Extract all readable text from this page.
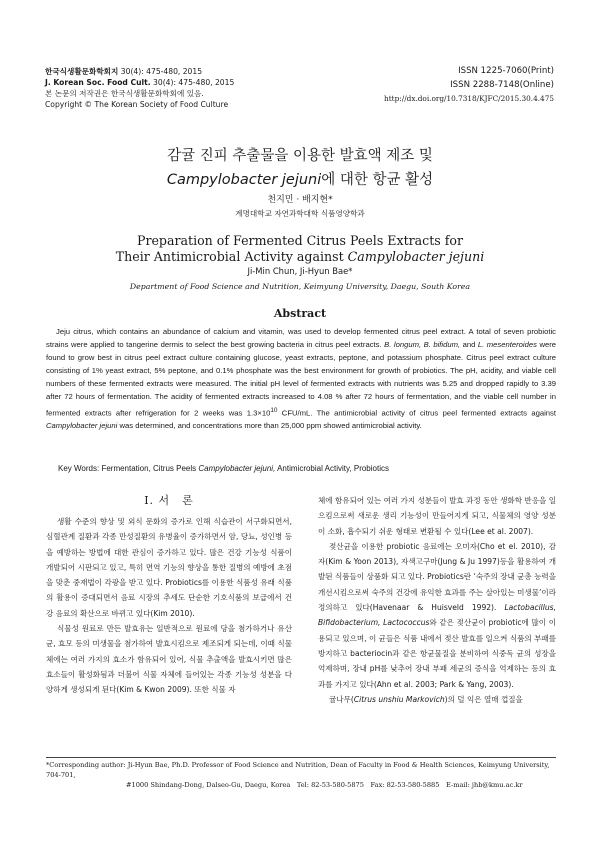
한국식생활문화학회지 30(4): 475-480, 2015
J. Korean Soc. Food Cult. 30(4): 475-480, 2015
본 논문의 저작권은 한국식생활문화학회에 있음.
Copyright © The Korean Society of Food Culture
ISSN 1225-7060(Print)
ISSN 2288-7148(Online)
http://dx.doi.org/10.7318/KJFC/2015.30.4.475
감귤 진피 추출물을 이용한 발효액 제조 및
Campylobacter jejuni에 대한 항균 활성
천지민 · 배지현*
계명대학교 자연과학대학 식품영양학과
Preparation of Fermented Citrus Peels Extracts for
Their Antimicrobial Activity against Campylobacter jejuni
Ji-Min Chun, Ji-Hyun Bae*
Department of Food Science and Nutrition, Keimyung University, Daegu, South Korea
Abstract
Jeju citrus, which contains an abundance of calcium and vitamin, was used to develop fermented citrus peel extract. A total of seven probiotic strains were applied to tangerine dermis to select the best growing bacteria in citrus peel extracts. B. longum, B. bifidum, and L. mesenteroides were found to grow best in citrus peel extract culture containing glucose, yeast extracts, peptone, and potassium phosphate. Citrus peel extract culture consisting of 1% yeast extract, 5% peptone, and 0.1% phosphate was the best environment for growth of probiotics. The pH, acidity, and viable cell numbers of these fermented extracts were measured. The initial pH level of fermented extracts with nutrients was 5.25 and dropped rapidly to 3.39 after 72 hours of fermentation. The acidity of fermented extracts increased to 4.08 % after 72 hours of fermentation, and the viable cell number in fermented extracts after refrigeration for 2 weeks was $1.3\times 10^{10}$ CFU/mL. The antimicrobial activity of citrus peel fermented extracts against Campylobacter jejuni was determined, and concentrations more than 25,000 ppm showed antimicrobial activity.
Key Words: Fermentation, Citrus Peels Campylobacter jejuni, Antimicrobial Activity, Probiotics
I. 서　론

생활 수준의 향상 및 외식 문화의 증가로 인해 식습관이 서구화되면서, 심혈관계 질환과 각종 만성질환의 유병율이 증가하면서 암, 당뇨, 성인병 등을 예방하는 방법에 대한 관심이 증가하고 있다. 많은 건강 기능성 식품이 개발되어 시판되고 있고, 특히 면역 기능의 향상을 통한 질병의 예방에 초점을 맞춘 중재법이 각광을 받고 있다. Probiotics를 이용한 식품성 유래 식품의 활용이 증대되면서 음료 시장의 추세도 단순한 기호식품의 보급에서 건강 음료의 확산으로 바뀌고 있다(Kim 2010).

식물성 원료로 만든 발효유는 일반적으로 원료에 당을 첨가하거나 유산균, 효모 등의 미생물을 첨가하여 발효시킴으로 제조되게 되는데, 이때 식물체에는 여러 가지의 효소가 함유되어 있어, 식물 추출액을 발효시키면 많은 효소들이 활성화됨과 더불어 식물 자체에 들어있는 각종 기능성 성분을 다양하게 생성되게 된다(Kim & Kwon 2009). 또한 식물 자

체에 함유되어 있는 여러 가지 성분들이 발효 과정 동안 생화학 반응을 일으킴으로써 새로운 생리 기능성이 만들어지게 되고, 식물체의 영양 성분이 소화, 흡수되기 쉬운 형태로 변환될 수 있다(Lee et al. 2007).

젖산균을 이용한 probiotic 음료에는 오미자(Cho et el. 2010), 감자(Kim & Yoon 2013), 자색고구마(Jung & Ju 1997)등을 활용하여 개발된 식품들이 상품화 되고 있다. Probiotics란 ‘숙주의 장내 균총 능력을 개선시킴으로써 숙주의 건강에 유익한 효과를 주는 살아있는 미생물’이라 정의하고 있다(Havenaar & Huisveld 1992). Lactobacillus, Bifidobacterium, Lactococcus와 같은 젖산균이 probiotic에 많이 이용되고 있으며, 이 균들은 식품 내에서 젖산 발효를 일으켜 식품의 부패를 방지하고 bacteriocin과 같은 항균물질을 분비하여 식중독 균의 성장을 억제하며, 장내 pH를 낮추어 장내 부패 세균의 증식을 억제하는 등의 효과를 가지고 있다(Ahn et al. 2003; Park & Yang, 2003).

귤나무(Citrus unshiu Markovich)의 덜 익은 열매 껍질을

*Corresponding author: Ji-Hyun Bae, Ph.D. Professor of Food Science and Nutrition, Dean of Faculty in Food & Health Sciences, Keimyung University, 704-701,
#1000 Shindang-Dong, Dalseo-Gu, Daegu, Korea　Tel: 82-53-580-5875　Fax: 82-53-580-5885　E-mail: jhb@kmu.ac.kr
